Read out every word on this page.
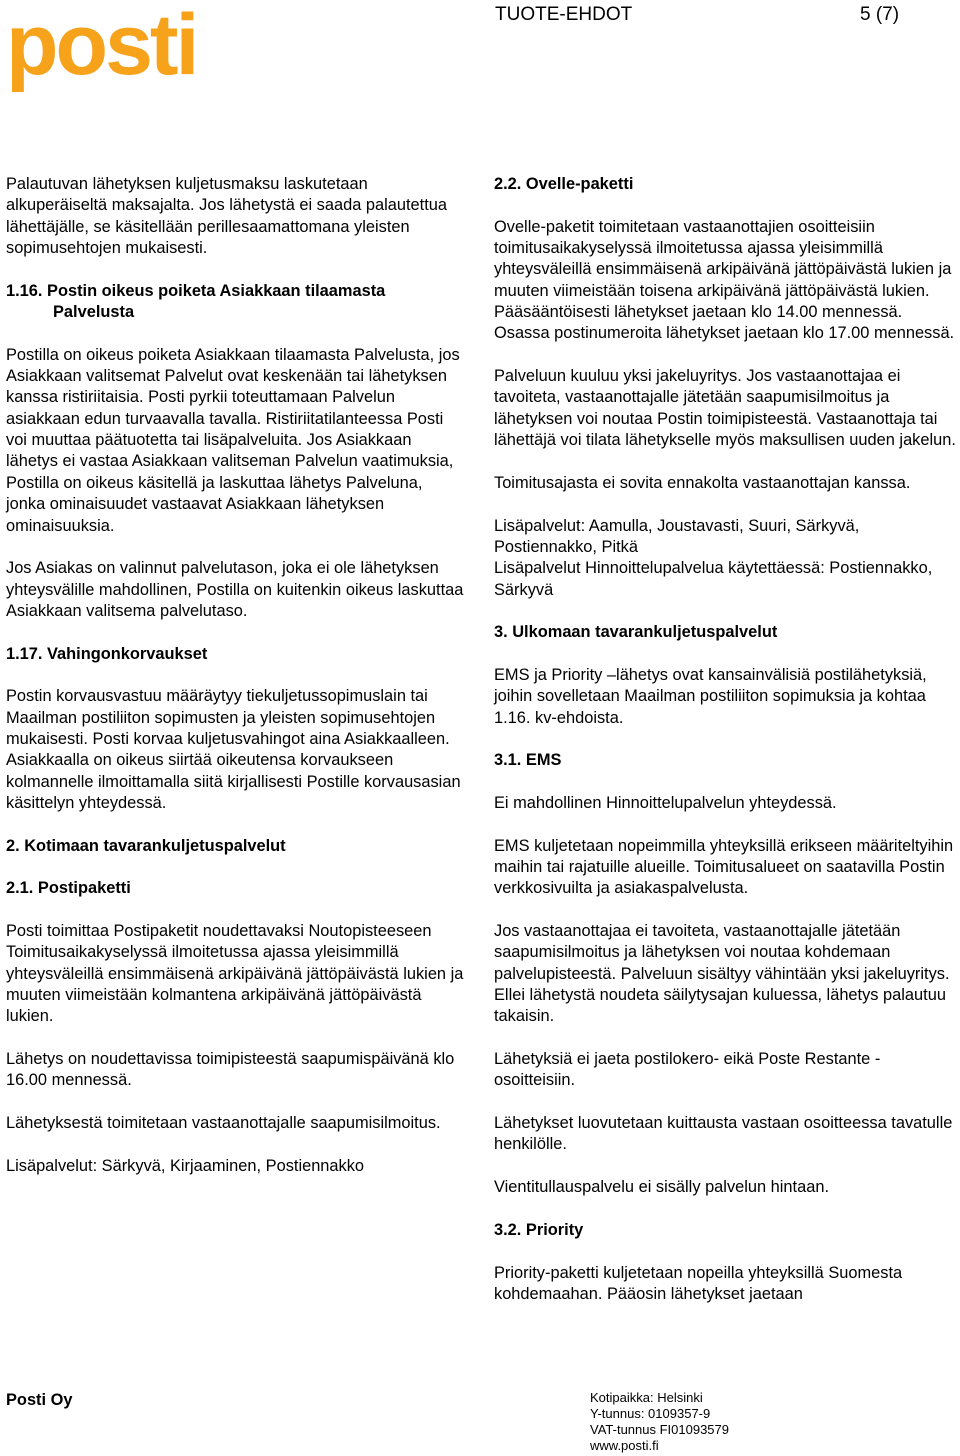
posti	TUOTE-EHDOT	5 (7)

Palautuvan lähetyksen kuljetusmaksu laskutetaan alkuperäiseltä maksajalta. Jos lähetystä ei saada palautettua lähettäjälle, se käsitellään perillesaamattomana yleisten sopimusehtojen mukaisesti.

1.16. Postin oikeus poiketa Asiakkaan tilaamasta Palvelusta

Postilla on oikeus poiketa Asiakkaan tilaamasta Palvelusta, jos Asiakkaan valitsemat Palvelut ovat keskenään tai lähetyksen kanssa ristiriitaisia. Posti pyrkii toteuttamaan Palvelun asiakkaan edun turvaavalla tavalla. Ristiriitatilanteessa Posti voi muuttaa päätuotetta tai lisäpalveluita. Jos Asiakkaan lähetys ei vastaa Asiakkaan valitseman Palvelun vaatimuksia, Postilla on oikeus käsitellä ja laskuttaa lähetys Palveluna, jonka ominaisuudet vastaavat Asiakkaan lähetyksen ominaisuuksia.

Jos Asiakas on valinnut palvelutason, joka ei ole lähetyksen yhteysvälille mahdollinen, Postilla on kuitenkin oikeus laskuttaa Asiakkaan valitsema palvelutaso.

1.17. Vahingonkorvaukset

Postin korvausvastuu määräytyy tiekuljetussopimuslain tai Maailman postiliiton sopimusten ja yleisten sopimusehtojen mukaisesti. Posti korvaa kuljetusvahingot aina Asiakkaalleen. Asiakkaalla on oikeus siirtää oikeutensa korvaukseen kolmannelle ilmoittamalla siitä kirjallisesti Postille korvausasian käsittelyn yhteydessä.

2. Kotimaan tavarankuljetuspalvelut
2.1. Postipaketti

Posti toimittaa Postipaketit noudettavaksi Noutopisteeseen Toimitusaikakyselyssä ilmoitetussa ajassa yleisimmillä yhteysväleillä ensimmäisenä arkipäivänä jättöpäivästä lukien ja muuten viimeistään kolmantena arkipäivänä jättöpäivästä lukien.

Lähetys on noudettavissa toimipisteestä saapumispäivänä klo 16.00 mennessä.

Lähetyksestä toimitetaan vastaanottajalle saapumisilmoitus.

Lisäpalvelut: Särkyvä, Kirjaaminen, Postiennakko

2.2. Ovelle-paketti

Ovelle-paketit toimitetaan vastaanottajien osoitteisiin toimitusaikakyselyssä ilmoitetussa ajassa yleisimmillä yhteysväleillä ensimmäisenä arkipäivänä jättöpäivästä lukien ja muuten viimeistään toisena arkipäivänä jättöpäivästä lukien. Pääsääntöisesti lähetykset jaetaan klo 14.00 mennessä. Osassa postinumeroita lähetykset jaetaan klo 17.00 mennessä.

Palveluun kuuluu yksi jakeluyritys. Jos vastaanottajaa ei tavoiteta, vastaanottajalle jätetään saapumisilmoitus ja lähetyksen voi noutaa Postin toimipisteestä. Vastaanottaja tai lähettäjä voi tilata lähetykselle myös maksullisen uuden jakelun.

Toimitusajasta ei sovita ennakolta vastaanottajan kanssa.

Lisäpalvelut: Aamulla, Joustavasti, Suuri, Särkyvä, Postiennakko, Pitkä
Lisäpalvelut Hinnoittelupalvelua käytettäessä: Postiennakko, Särkyvä

3. Ulkomaan tavarankuljetuspalvelut

EMS ja Priority –lähetys ovat kansainvälisiä postilähetyksiä, joihin sovelletaan Maailman postiliiton sopimuksia ja kohtaa 1.16. kv-ehdoista.

3.1. EMS

Ei mahdollinen Hinnoittelupalvelun yhteydessä.

EMS kuljetetaan nopeimmilla yhteyksillä erikseen määriteltyihin maihin tai rajatuille alueille. Toimitusalueet on saatavilla Postin verkkosivuilta ja asiakaspalvelusta.

Jos vastaanottajaa ei tavoiteta, vastaanottajalle jätetään saapumisilmoitus ja lähetyksen voi noutaa kohdemaan palvelupisteestä. Palveluun sisältyy vähintään yksi jakeluyritys. Ellei lähetystä noudeta säilytysajan kuluessa, lähetys palautuu takaisin.

Lähetyksiä ei jaeta postilokero- eikä Poste Restante -osoitteisiin.

Lähetykset luovutetaan kuittausta vastaan osoitteessa tavatulle henkilölle.

Vientitullauspalvelu ei sisälly palvelun hintaan.

3.2. Priority

Priority-paketti kuljetetaan nopeilla yhteyksillä Suomesta kohdemaahan. Pääosin lähetykset jaetaan

Posti Oy	Kotipaikka: Helsinki
Y-tunnus: 0109357-9
VAT-tunnus FI01093579
www.posti.fi
